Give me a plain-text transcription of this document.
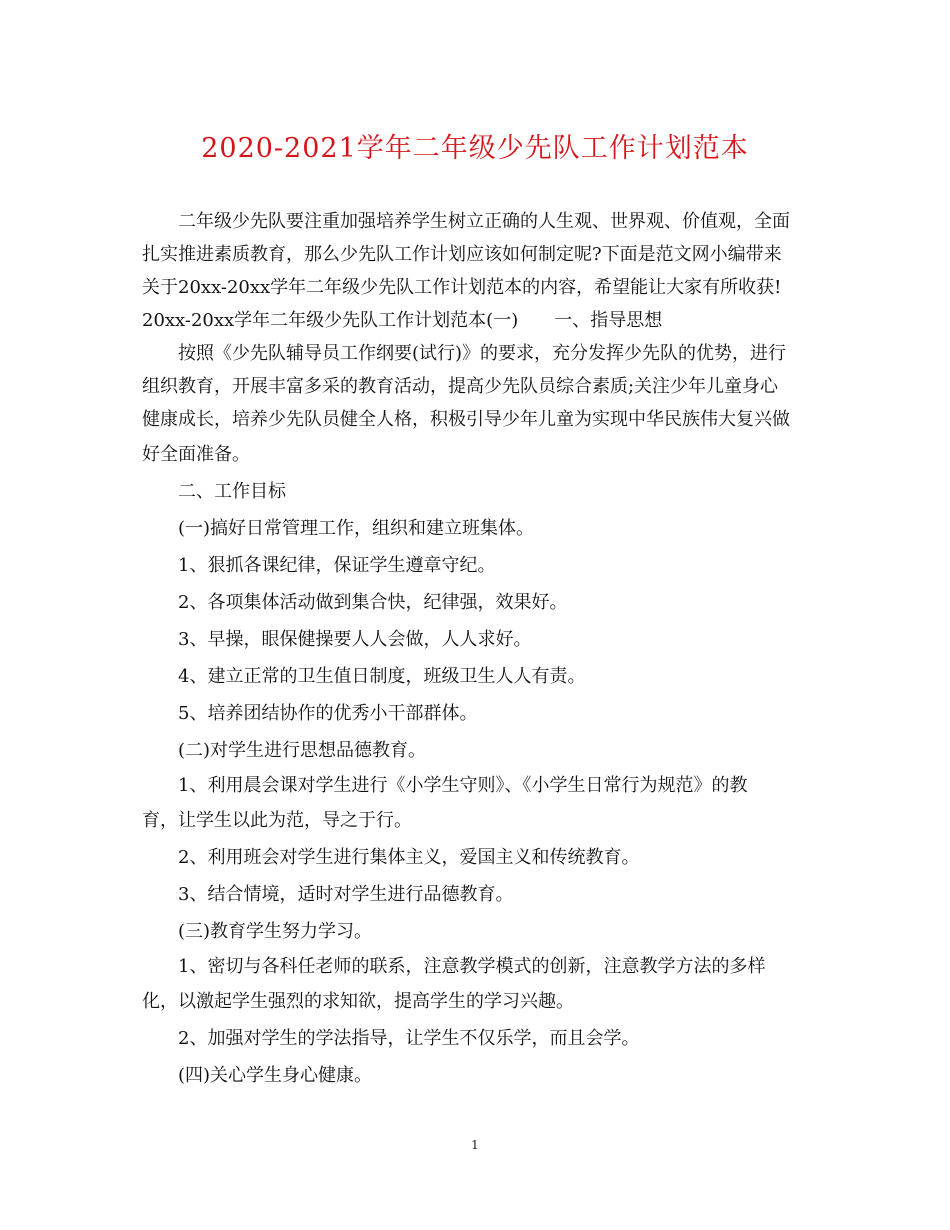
2020-2021学年二年级少先队工作计划范本

二年级少先队要注重加强培养学生树立正确的人生观、世界观、价值观，全面

扎实推进素质教育，那么少先队工作计划应该如何制定呢?下面是范文网小编带来

关于20xx-20xx学年二年级少先队工作计划范本的内容，希望能让大家有所收获!

20xx-20xx学年二年级少先队工作计划范本(一) 一、指导思想

按照《少先队辅导员工作纲要(试行)》的要求，充分发挥少先队的优势，进行

组织教育，开展丰富多采的教育活动，提高少先队员综合素质;关注少年儿童身心

健康成长，培养少先队员健全人格，积极引导少年儿童为实现中华民族伟大复兴做

好全面准备。

二、工作目标

(一)搞好日常管理工作，组织和建立班集体。

1、狠抓各课纪律，保证学生遵章守纪。

2、各项集体活动做到集合快，纪律强，效果好。

3、早操，眼保健操要人人会做，人人求好。

4、建立正常的卫生值日制度，班级卫生人人有责。

5、培养团结协作的优秀小干部群体。

(二)对学生进行思想品德教育。

1、利用晨会课对学生进行《小学生守则》、《小学生日常行为规范》的教

育，让学生以此为范，导之于行。

2、利用班会对学生进行集体主义，爱国主义和传统教育。

3、结合情境，适时对学生进行品德教育。

(三)教育学生努力学习。

1、密切与各科任老师的联系，注意教学模式的创新，注意教学方法的多样

化，以激起学生强烈的求知欲，提高学生的学习兴趣。

2、加强对学生的学法指导，让学生不仅乐学，而且会学。

(四)关心学生身心健康。

1
